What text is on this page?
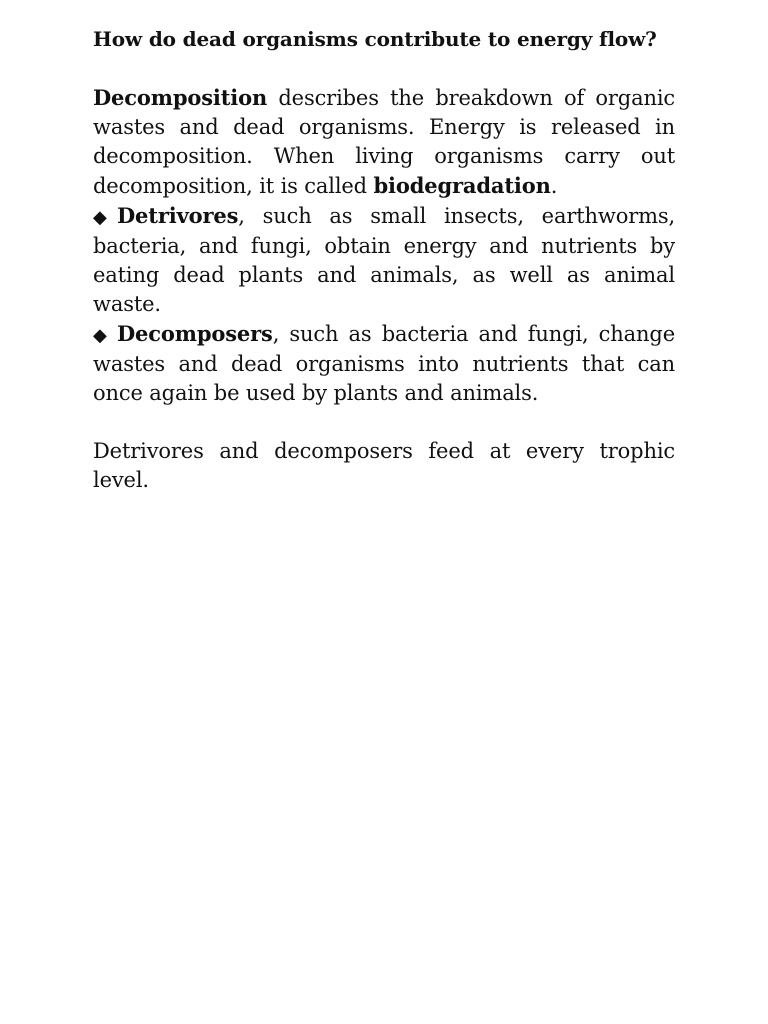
How do dead organisms contribute to energy flow?

Decomposition describes the breakdown of organic wastes and dead organisms. Energy is released in decomposition. When living organisms carry out decomposition, it is called biodegradation.

◆ Detrivores, such as small insects, earthworms, bacteria, and fungi, obtain energy and nutrients by eating dead plants and animals, as well as animal waste.

◆ Decomposers, such as bacteria and fungi, change wastes and dead organisms into nutrients that can once again be used by plants and animals.

Detrivores and decomposers feed at every trophic level.
